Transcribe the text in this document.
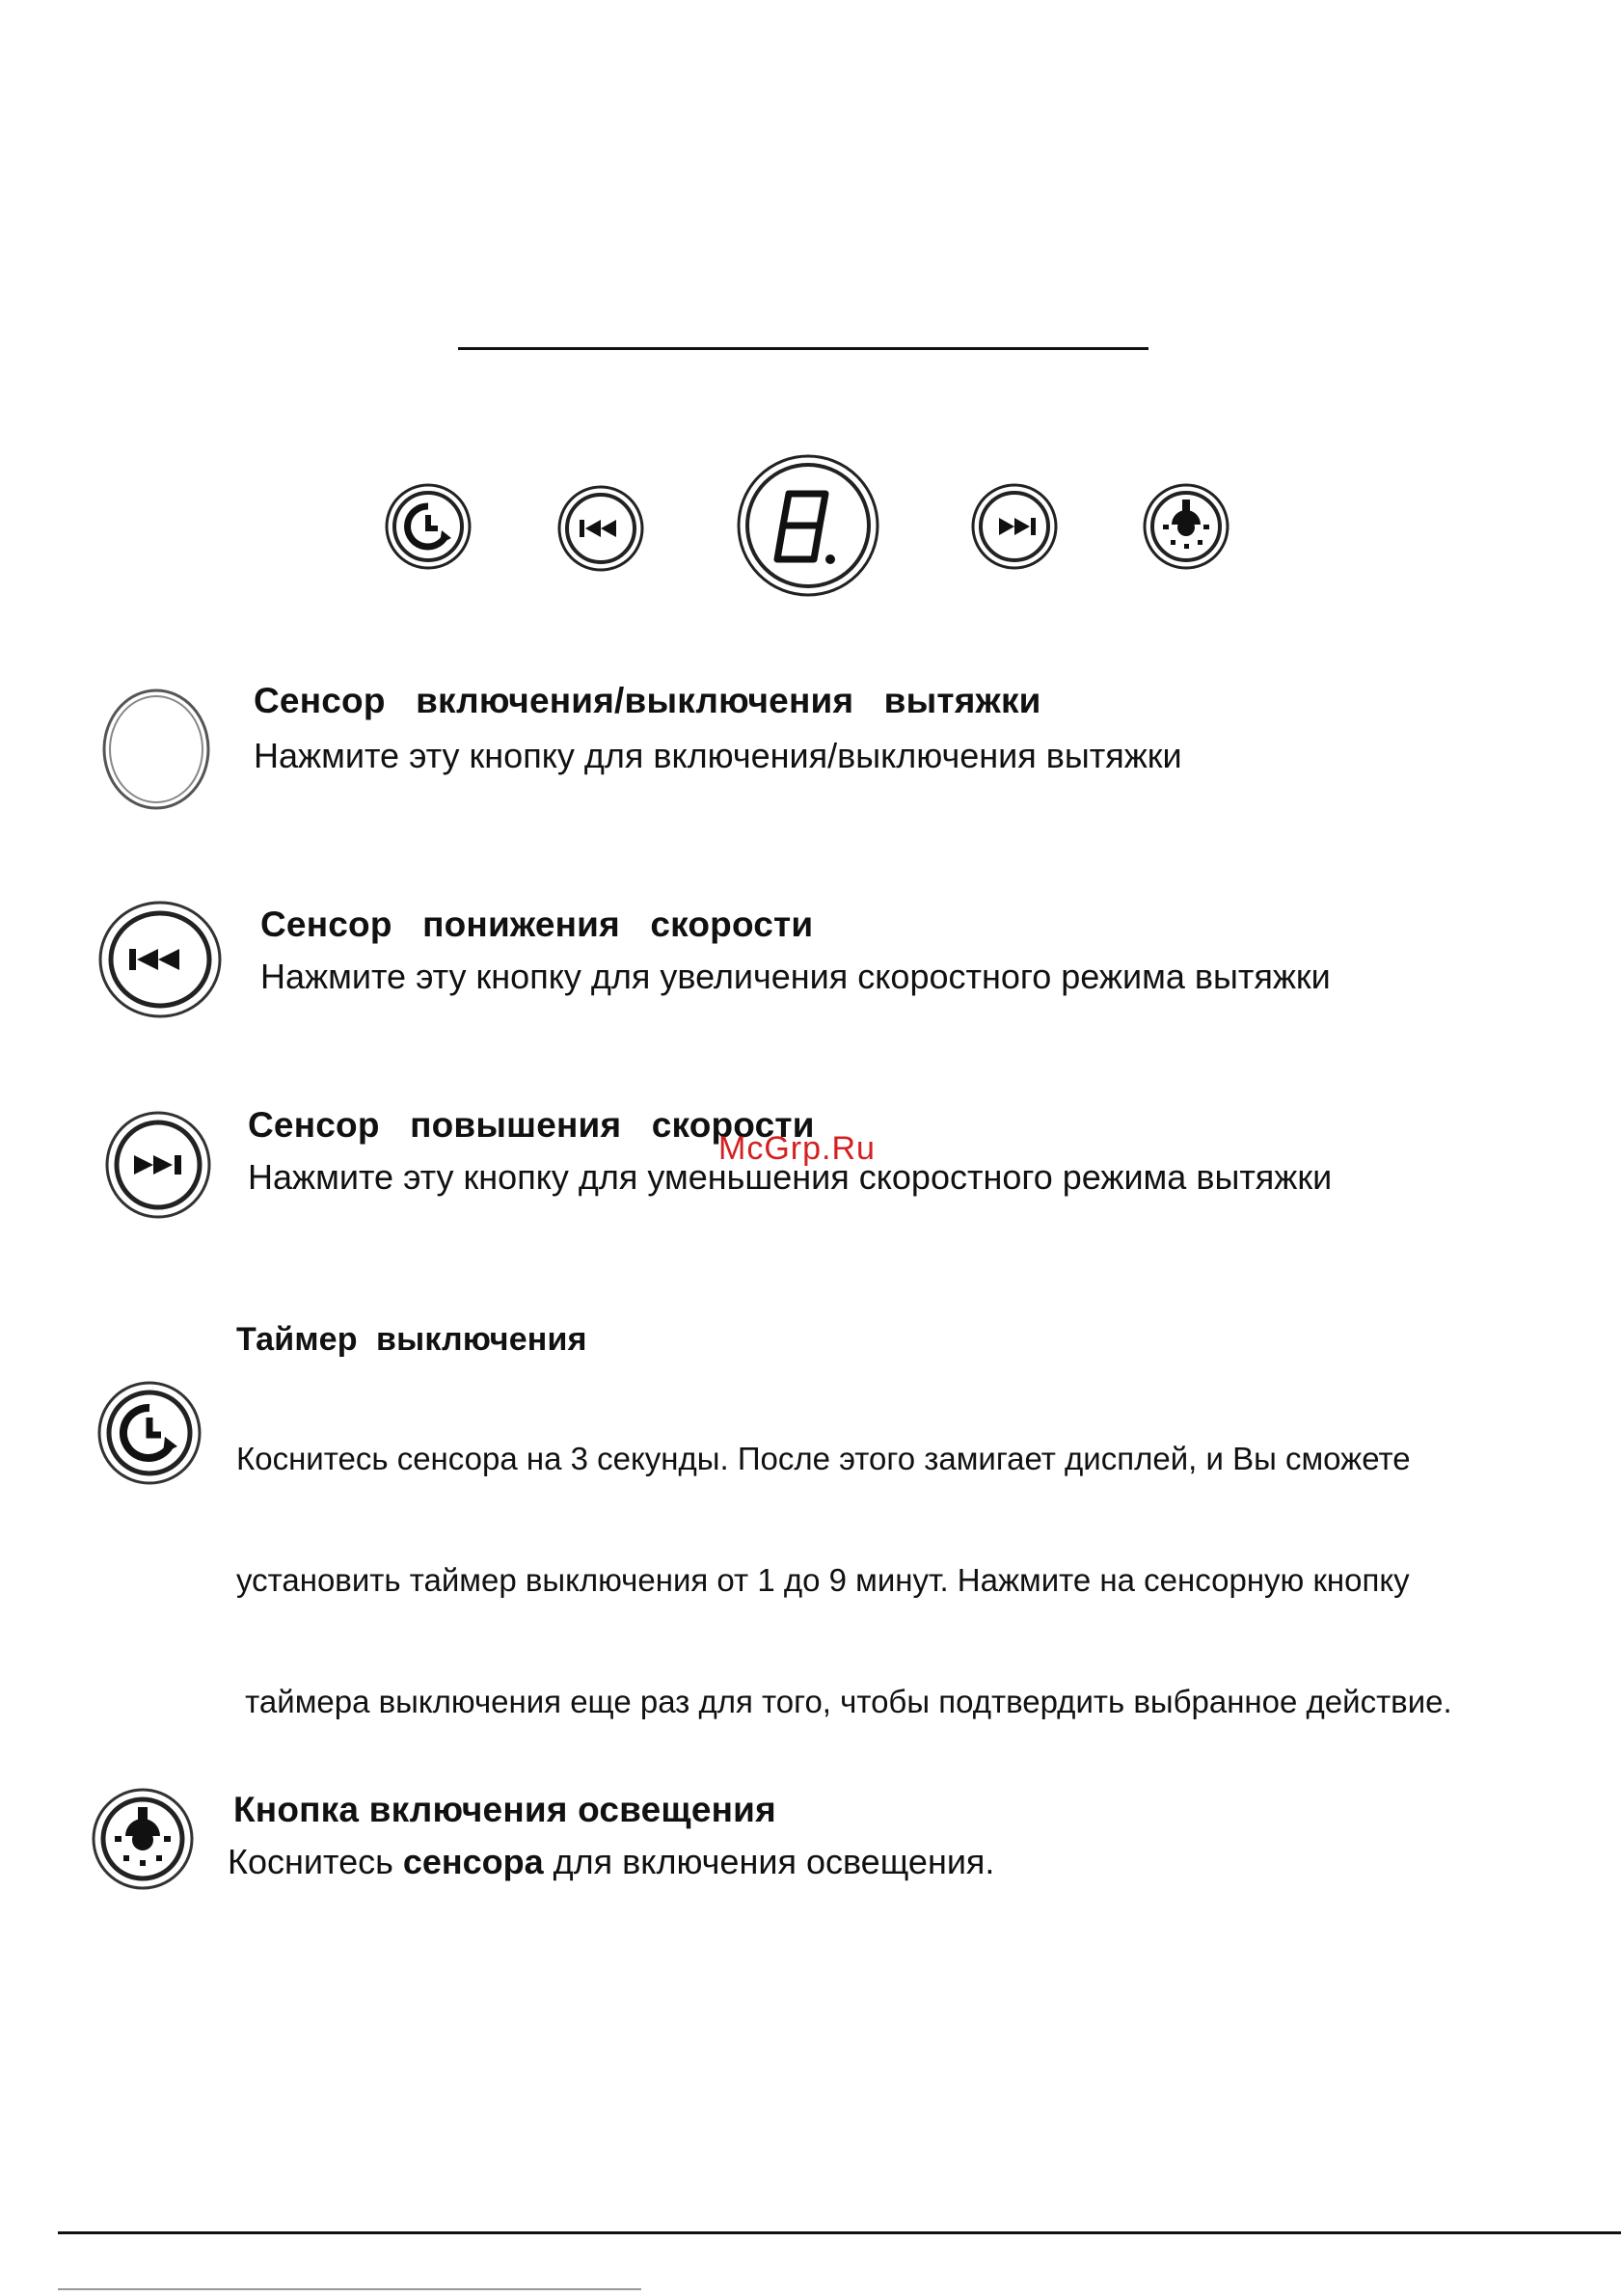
Сенсор   включения/выключения   вытяжки
Нажмите эту кнопку для включения/выключения вытяжки
Сенсор   понижения   скорости
Нажмите эту кнопку для увеличения скоростного режима вытяжки
Сенсор   повышения   скорости
Нажмите эту кнопку для уменьшения скоростного режима вытяжки
McGrp.Ru
Таймер  выключения

Коснитесь сенсора на 3 секунды. После этого замигает дисплей, и Вы сможете

установить таймер выключения от 1 до 9 минут. Нажмите на сенсорную кнопку

таймера выключения еще раз для того, чтобы подтвердить выбранное действие.

Кнопка включения освещения
Коснитесь сенсора для включения освещения.
